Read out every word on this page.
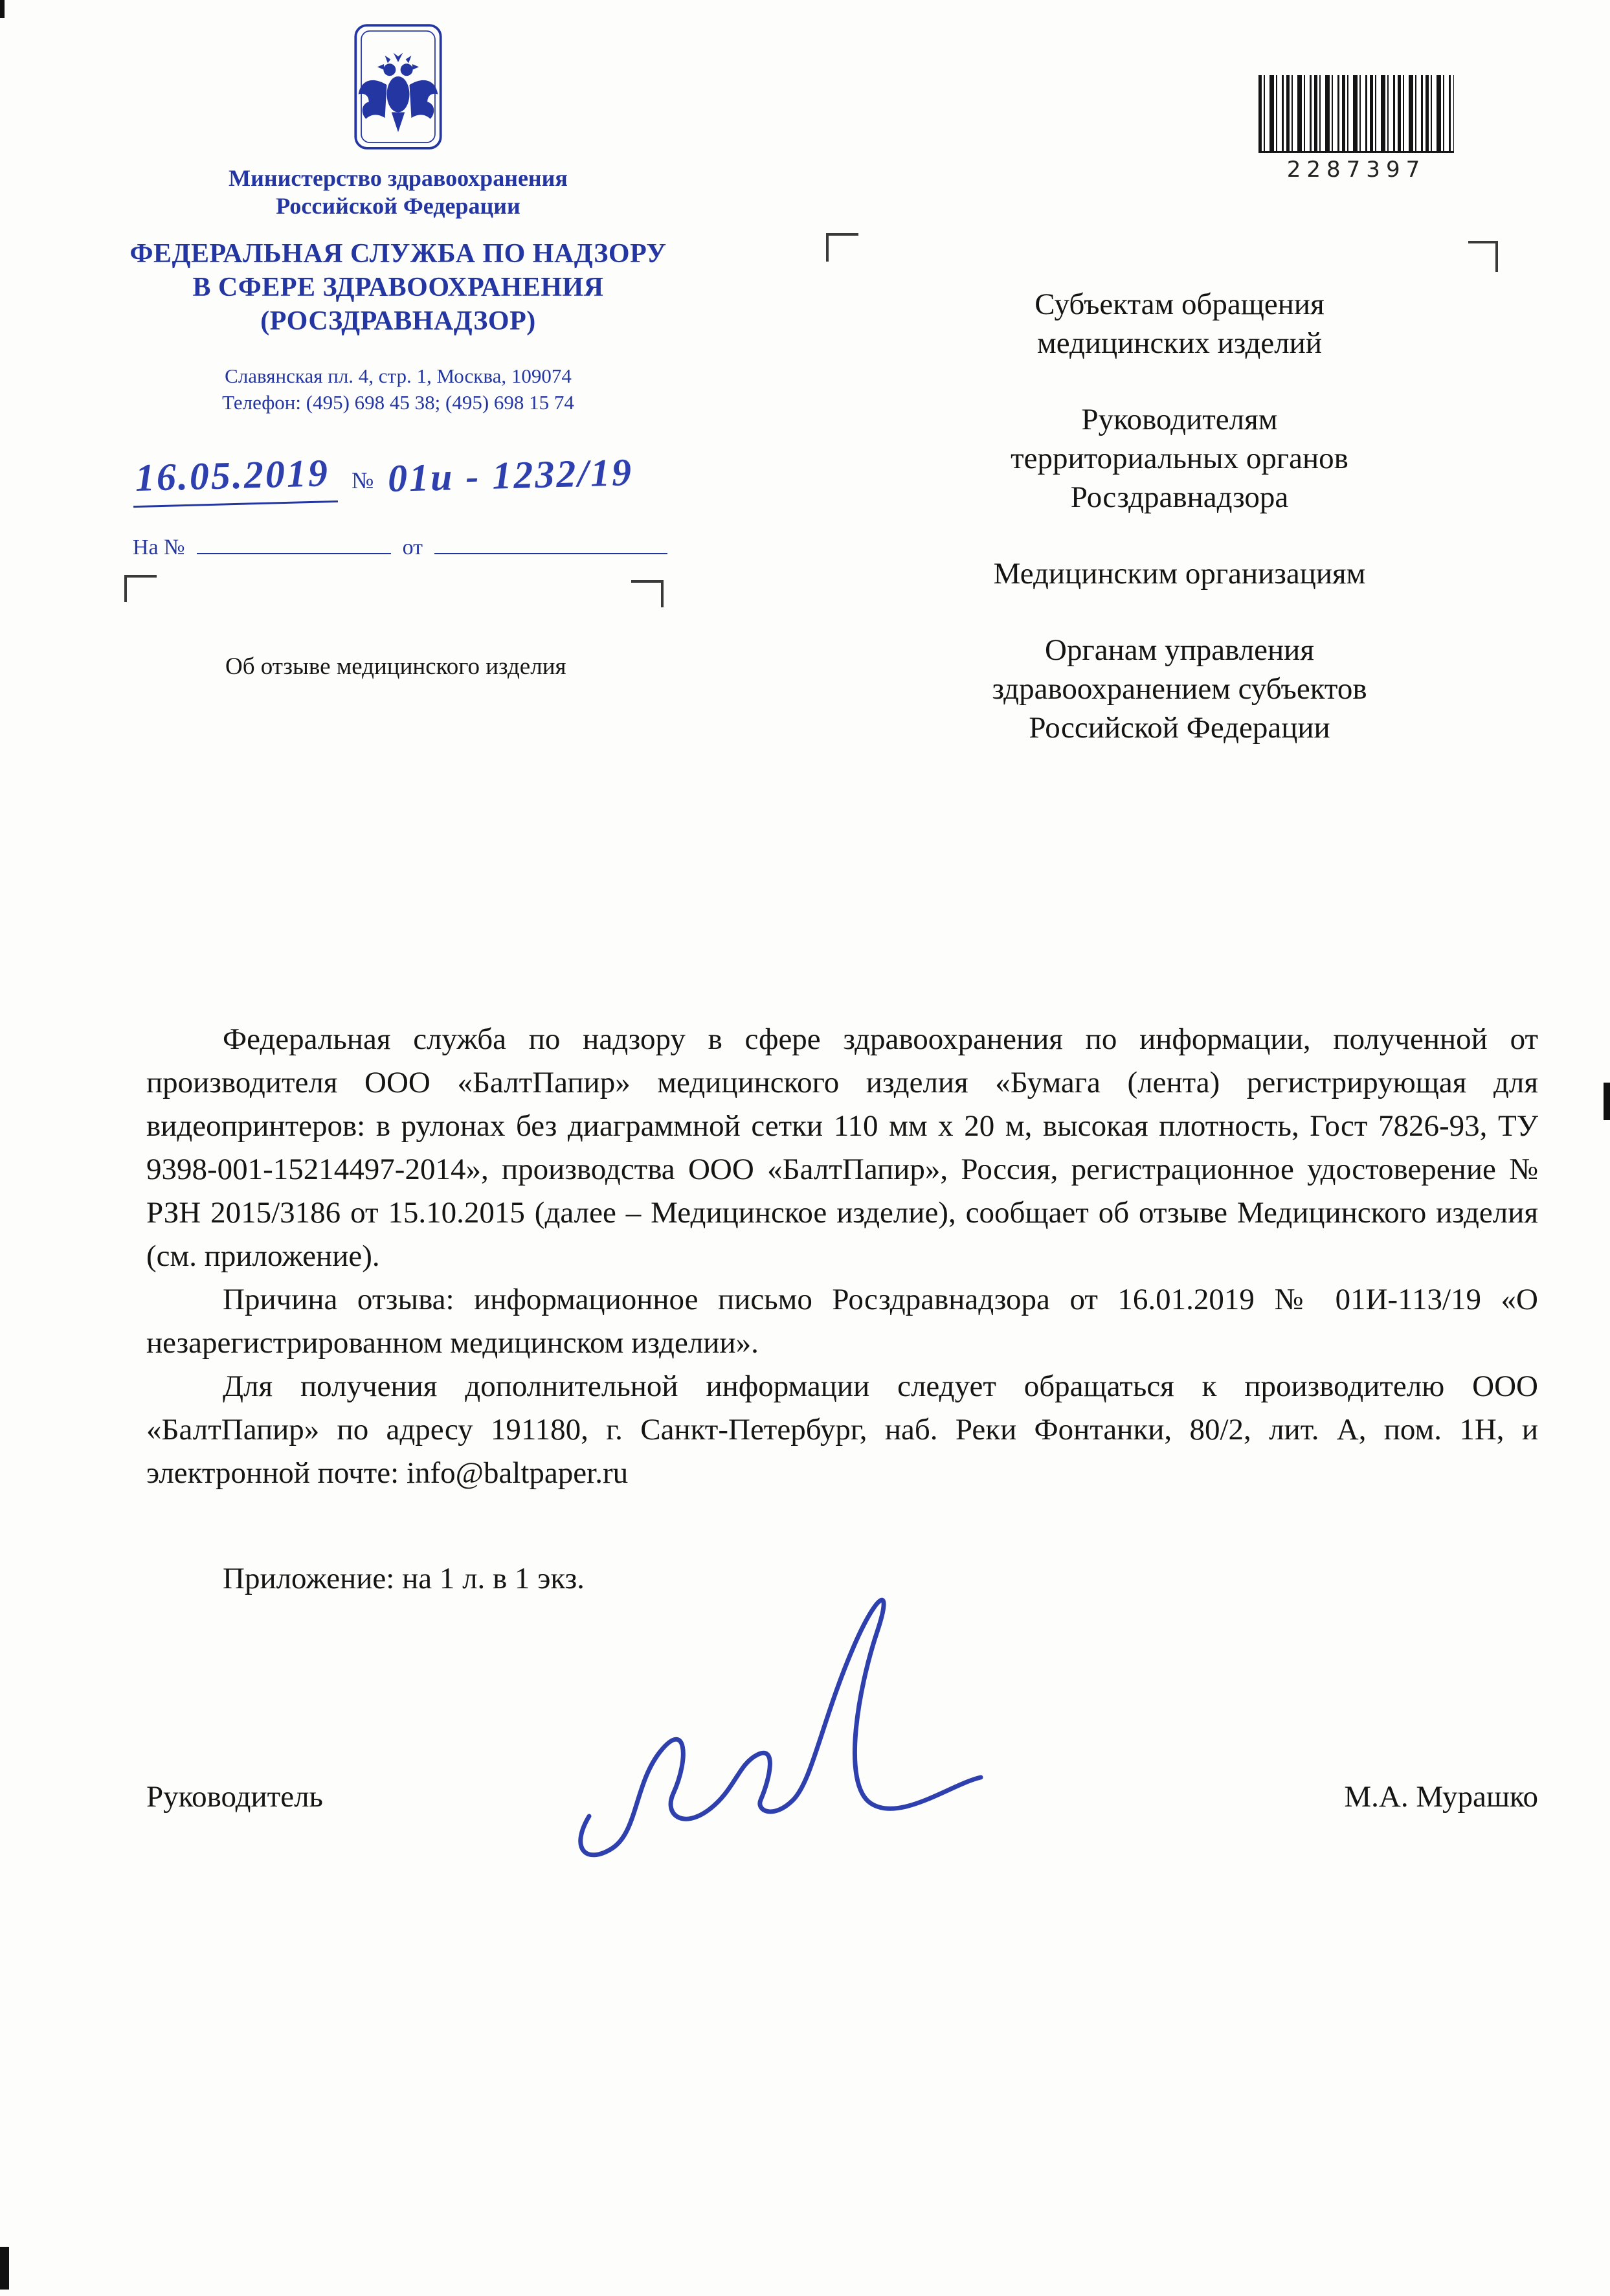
Министерство здравоохранения
Российской Федерации
ФЕДЕРАЛЬНАЯ СЛУЖБА ПО НАДЗОРУ
В СФЕРЕ ЗДРАВООХРАНЕНИЯ
(РОСЗДРАВНАДЗОР)
Славянская пл. 4, стр. 1, Москва, 109074
Телефон: (495) 698 45 38; (495) 698 15 74
16.05.2019 № 01и - 1232/19
На №	от
2287397
Субъектам обращения медицинских изделий
Руководителям территориальных органов Росздравнадзора
Медицинским организациям
Органам управления здравоохранением субъектов Российской Федерации
Об отзыве медицинского изделия

Федеральная служба по надзору в сфере здравоохранения по информации, полученной от производителя ООО «БалтПапир» медицинского изделия «Бумага (лента) регистрирующая для видеопринтеров: в рулонах без диаграммной сетки 110 мм х 20 м, высокая плотность, Гост 7826-93, ТУ 9398-001-15214497-2014», производства ООО «БалтПапир», Россия, регистрационное удостоверение № РЗН 2015/3186 от 15.10.2015 (далее – Медицинское изделие), сообщает об отзыве Медицинского изделия (см. приложение).

Причина отзыва: информационное письмо Росздравнадзора от 16.01.2019 № 01И-113/19 «О незарегистрированном медицинском изделии».

Для получения дополнительной информации следует обращаться к производителю ООО «БалтПапир» по адресу 191180, г. Санкт-Петербург, наб. Реки Фонтанки, 80/2, лит. А, пом. 1Н, и электронной почте: info@baltpaper.ru

Приложение: на 1 л. в 1 экз.

Руководитель	М.А. Мурашко
